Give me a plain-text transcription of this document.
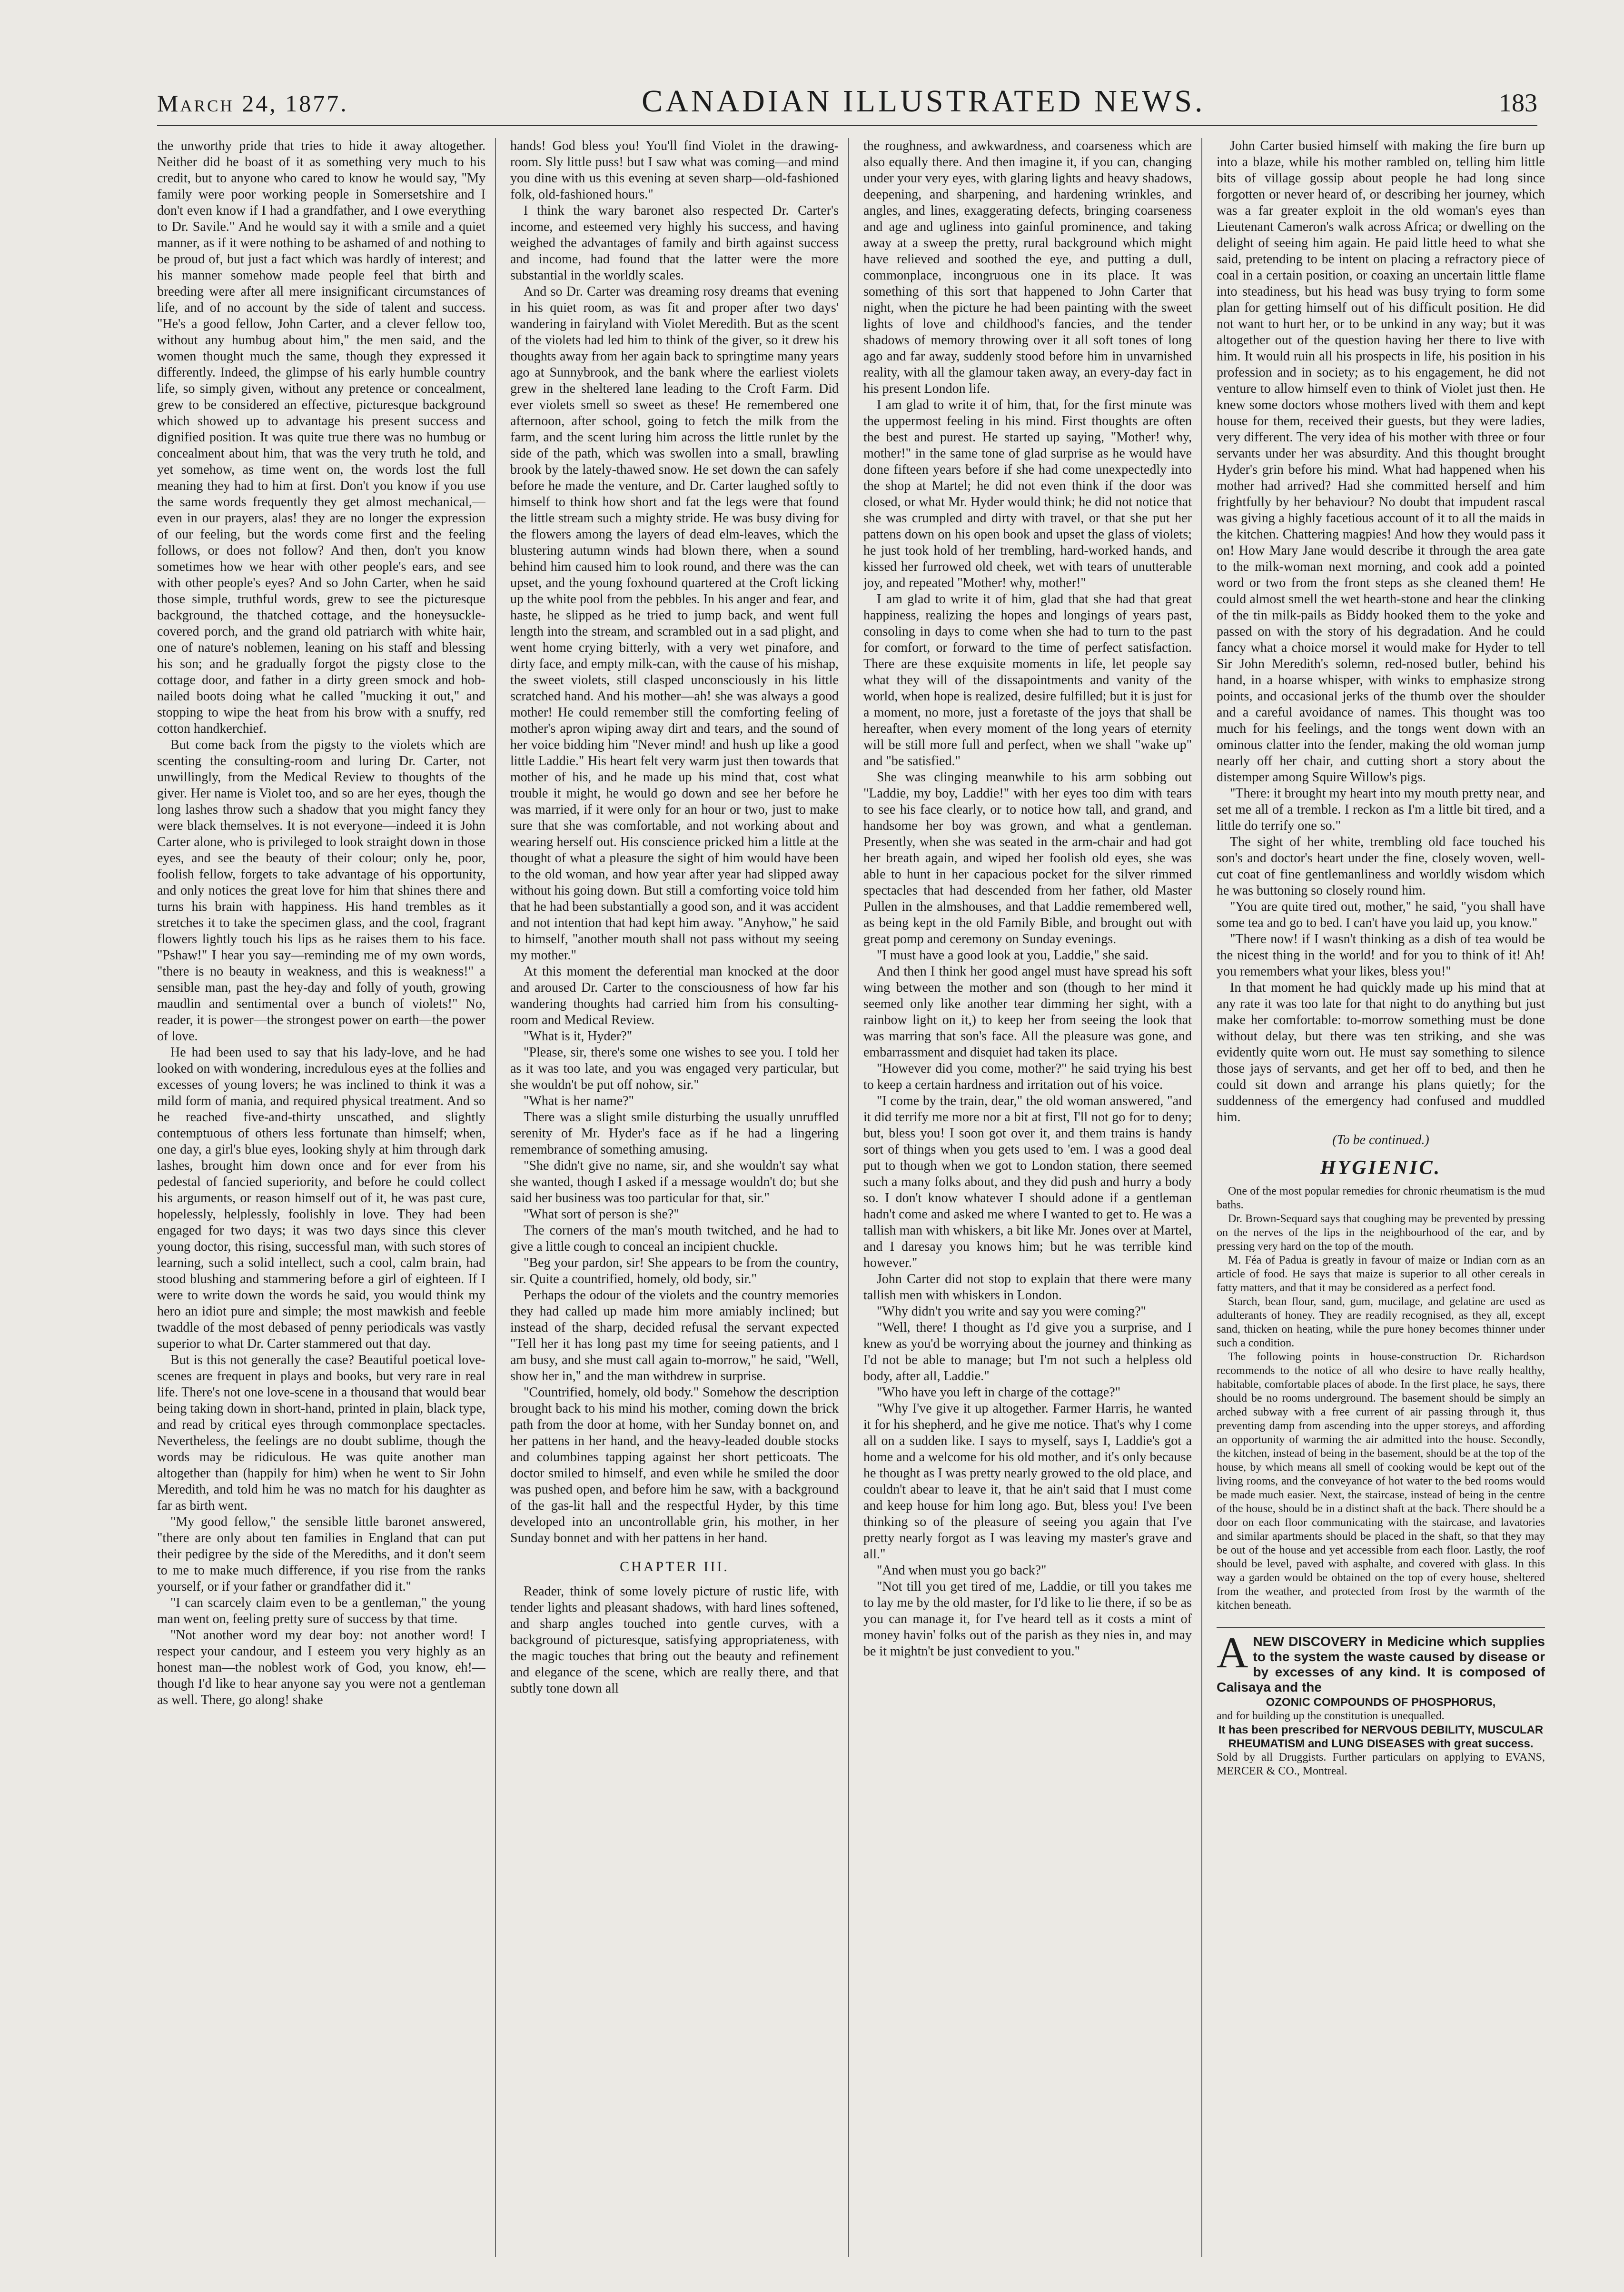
March 24, 1877.	CANADIAN ILLUSTRATED NEWS.	183

the unworthy pride that tries to hide it away altogether. Neither did he boast of it as something very much to his credit, but to anyone who cared to know he would say, "My family were poor working people in Somersetshire and I don't even know if I had a grandfather, and I owe everything to Dr. Savile." And he would say it with a smile and a quiet manner, as if it were nothing to be ashamed of and nothing to be proud of, but just a fact which was hardly of interest; and his manner somehow made people feel that birth and breeding were after all mere insignificant circumstances of life, and of no account by the side of talent and success. "He's a good fellow, John Carter, and a clever fellow too, without any humbug about him," the men said, and the women thought much the same, though they expressed it differently. Indeed, the glimpse of his early humble country life, so simply given, without any pretence or concealment, grew to be considered an effective, picturesque background which showed up to advantage his present success and dignified position. It was quite true there was no humbug or concealment about him, that was the very truth he told, and yet somehow, as time went on, the words lost the full meaning they had to him at first. Don't you know if you use the same words frequently they get almost mechanical,—even in our prayers, alas! they are no longer the expression of our feeling, but the words come first and the feeling follows, or does not follow? And then, don't you know sometimes how we hear with other people's ears, and see with other people's eyes? And so John Carter, when he said those simple, truthful words, grew to see the picturesque background, the thatched cottage, and the honeysuckle-covered porch, and the grand old patriarch with white hair, one of nature's noblemen, leaning on his staff and blessing his son; and he gradually forgot the pigsty close to the cottage door, and father in a dirty green smock and hob-nailed boots doing what he called "mucking it out," and stopping to wipe the heat from his brow with a snuffy, red cotton handkerchief.

But come back from the pigsty to the violets which are scenting the consulting-room and luring Dr. Carter, not unwillingly, from the Medical Review to thoughts of the giver. Her name is Violet too, and so are her eyes, though the long lashes throw such a shadow that you might fancy they were black themselves. It is not everyone—indeed it is John Carter alone, who is privileged to look straight down in those eyes, and see the beauty of their colour; only he, poor, foolish fellow, forgets to take advantage of his opportunity, and only notices the great love for him that shines there and turns his brain with happiness. His hand trembles as it stretches it to take the specimen glass, and the cool, fragrant flowers lightly touch his lips as he raises them to his face. "Pshaw!" I hear you say—reminding me of my own words, "there is no beauty in weakness, and this is weakness!" a sensible man, past the hey-day and folly of youth, growing maudlin and sentimental over a bunch of violets!" No, reader, it is power—the strongest power on earth—the power of love.

He had been used to say that his lady-love, and he had looked on with wondering, incredulous eyes at the follies and excesses of young lovers; he was inclined to think it was a mild form of mania, and required physical treatment. And so he reached five-and-thirty unscathed, and slightly contemptuous of others less fortunate than himself; when, one day, a girl's blue eyes, looking shyly at him through dark lashes, brought him down once and for ever from his pedestal of fancied superiority, and before he could collect his arguments, or reason himself out of it, he was past cure, hopelessly, helplessly, foolishly in love. They had been engaged for two days; it was two days since this clever young doctor, this rising, successful man, with such stores of learning, such a solid intellect, such a cool, calm brain, had stood blushing and stammering before a girl of eighteen. If I were to write down the words he said, you would think my hero an idiot pure and simple; the most mawkish and feeble twaddle of the most debased of penny periodicals was vastly superior to what Dr. Carter stammered out that day.

But is this not generally the case? Beautiful poetical love-scenes are frequent in plays and books, but very rare in real life. There's not one love-scene in a thousand that would bear being taking down in short-hand, printed in plain, black type, and read by critical eyes through commonplace spectacles. Nevertheless, the feelings are no doubt sublime, though the words may be ridiculous. He was quite another man altogether than (happily for him) when he went to Sir John Meredith, and told him he was no match for his daughter as far as birth went.

"My good fellow," the sensible little baronet answered, "there are only about ten families in England that can put their pedigree by the side of the Merediths, and it don't seem to me to make much difference, if you rise from the ranks yourself, or if your father or grandfather did it."

"I can scarcely claim even to be a gentleman," the young man went on, feeling pretty sure of success by that time.

"Not another word my dear boy: not another word! I respect your candour, and I esteem you very highly as an honest man—the noblest work of God, you know, eh!—though I'd like to hear anyone say you were not a gentleman as well. There, go along! shake

hands! God bless you! You'll find Violet in the drawing-room. Sly little puss! but I saw what was coming—and mind you dine with us this evening at seven sharp—old-fashioned folk, old-fashioned hours."

I think the wary baronet also respected Dr. Carter's income, and esteemed very highly his success, and having weighed the advantages of family and birth against success and income, had found that the latter were the more substantial in the worldly scales.

And so Dr. Carter was dreaming rosy dreams that evening in his quiet room, as was fit and proper after two days' wandering in fairyland with Violet Meredith. But as the scent of the violets had led him to think of the giver, so it drew his thoughts away from her again back to springtime many years ago at Sunnybrook, and the bank where the earliest violets grew in the sheltered lane leading to the Croft Farm. Did ever violets smell so sweet as these! He remembered one afternoon, after school, going to fetch the milk from the farm, and the scent luring him across the little runlet by the side of the path, which was swollen into a small, brawling brook by the lately-thawed snow. He set down the can safely before he made the venture, and Dr. Carter laughed softly to himself to think how short and fat the legs were that found the little stream such a mighty stride. He was busy diving for the flowers among the layers of dead elm-leaves, which the blustering autumn winds had blown there, when a sound behind him caused him to look round, and there was the can upset, and the young foxhound quartered at the Croft licking up the white pool from the pebbles. In his anger and fear, and haste, he slipped as he tried to jump back, and went full length into the stream, and scrambled out in a sad plight, and went home crying bitterly, with a very wet pinafore, and dirty face, and empty milk-can, with the cause of his mishap, the sweet violets, still clasped unconsciously in his little scratched hand. And his mother—ah! she was always a good mother! He could remember still the comforting feeling of mother's apron wiping away dirt and tears, and the sound of her voice bidding him "Never mind! and hush up like a good little Laddie." His heart felt very warm just then towards that mother of his, and he made up his mind that, cost what trouble it might, he would go down and see her before he was married, if it were only for an hour or two, just to make sure that she was comfortable, and not working about and wearing herself out. His conscience pricked him a little at the thought of what a pleasure the sight of him would have been to the old woman, and how year after year had slipped away without his going down. But still a comforting voice told him that he had been substantially a good son, and it was accident and not intention that had kept him away. "Anyhow," he said to himself, "another mouth shall not pass without my seeing my mother."

At this moment the deferential man knocked at the door and aroused Dr. Carter to the consciousness of how far his wandering thoughts had carried him from his consulting-room and Medical Review.

"What is it, Hyder?"

"Please, sir, there's some one wishes to see you. I told her as it was too late, and you was engaged very particular, but she wouldn't be put off nohow, sir."

"What is her name?"

There was a slight smile disturbing the usually unruffled serenity of Mr. Hyder's face as if he had a lingering remembrance of something amusing.

"She didn't give no name, sir, and she wouldn't say what she wanted, though I asked if a message wouldn't do; but she said her business was too particular for that, sir."

"What sort of person is she?"

The corners of the man's mouth twitched, and he had to give a little cough to conceal an incipient chuckle.

"Beg your pardon, sir! She appears to be from the country, sir. Quite a countrified, homely, old body, sir."

Perhaps the odour of the violets and the country memories they had called up made him more amiably inclined; but instead of the sharp, decided refusal the servant expected "Tell her it has long past my time for seeing patients, and I am busy, and she must call again to-morrow," he said, "Well, show her in," and the man withdrew in surprise.

"Countrified, homely, old body." Somehow the description brought back to his mind his mother, coming down the brick path from the door at home, with her Sunday bonnet on, and her pattens in her hand, and the heavy-leaded double stocks and columbines tapping against her short petticoats. The doctor smiled to himself, and even while he smiled the door was pushed open, and before him he saw, with a background of the gas-lit hall and the respectful Hyder, by this time developed into an uncontrollable grin, his mother, in her Sunday bonnet and with her pattens in her hand.

CHAPTER III.

Reader, think of some lovely picture of rustic life, with tender lights and pleasant shadows, with hard lines softened, and sharp angles touched into gentle curves, with a background of picturesque, satisfying appropriateness, with the magic touches that bring out the beauty and refinement and elegance of the scene, which are really there, and that subtly tone down all

the roughness, and awkwardness, and coarseness which are also equally there. And then imagine it, if you can, changing under your very eyes, with glaring lights and heavy shadows, deepening, and sharpening, and hardening wrinkles, and angles, and lines, exaggerating defects, bringing coarseness and age and ugliness into gainful prominence, and taking away at a sweep the pretty, rural background which might have relieved and soothed the eye, and putting a dull, commonplace, incongruous one in its place. It was something of this sort that happened to John Carter that night, when the picture he had been painting with the sweet lights of love and childhood's fancies, and the tender shadows of memory throwing over it all soft tones of long ago and far away, suddenly stood before him in unvarnished reality, with all the glamour taken away, an every-day fact in his present London life.

I am glad to write it of him, that, for the first minute was the uppermost feeling in his mind. First thoughts are often the best and purest. He started up saying, "Mother! why, mother!" in the same tone of glad surprise as he would have done fifteen years before if she had come unexpectedly into the shop at Martel; he did not even think if the door was closed, or what Mr. Hyder would think; he did not notice that she was crumpled and dirty with travel, or that she put her pattens down on his open book and upset the glass of violets; he just took hold of her trembling, hard-worked hands, and kissed her furrowed old cheek, wet with tears of unutterable joy, and repeated "Mother! why, mother!"

I am glad to write it of him, glad that she had that great happiness, realizing the hopes and longings of years past, consoling in days to come when she had to turn to the past for comfort, or forward to the time of perfect satisfaction. There are these exquisite moments in life, let people say what they will of the dissapointments and vanity of the world, when hope is realized, desire fulfilled; but it is just for a moment, no more, just a foretaste of the joys that shall be hereafter, when every moment of the long years of eternity will be still more full and perfect, when we shall "wake up" and "be satisfied."

She was clinging meanwhile to his arm sobbing out "Laddie, my boy, Laddie!" with her eyes too dim with tears to see his face clearly, or to notice how tall, and grand, and handsome her boy was grown, and what a gentleman. Presently, when she was seated in the arm-chair and had got her breath again, and wiped her foolish old eyes, she was able to hunt in her capacious pocket for the silver rimmed spectacles that had descended from her father, old Master Pullen in the almshouses, and that Laddie remembered well, as being kept in the old Family Bible, and brought out with great pomp and ceremony on Sunday evenings.

"I must have a good look at you, Laddie," she said.

And then I think her good angel must have spread his soft wing between the mother and son (though to her mind it seemed only like another tear dimming her sight, with a rainbow light on it,) to keep her from seeing the look that was marring that son's face. All the pleasure was gone, and embarrassment and disquiet had taken its place.

"However did you come, mother?" he said trying his best to keep a certain hardness and irritation out of his voice.

"I come by the train, dear," the old woman answered, "and it did terrify me more nor a bit at first, I'll not go for to deny; but, bless you! I soon got over it, and them trains is handy sort of things when you gets used to 'em. I was a good deal put to though when we got to London station, there seemed such a many folks about, and they did push and hurry a body so. I don't know whatever I should adone if a gentleman hadn't come and asked me where I wanted to get to. He was a tallish man with whiskers, a bit like Mr. Jones over at Martel, and I daresay you knows him; but he was terrible kind however."

John Carter did not stop to explain that there were many tallish men with whiskers in London.

"Why didn't you write and say you were coming?"

"Well, there! I thought as I'd give you a surprise, and I knew as you'd be worrying about the journey and thinking as I'd not be able to manage; but I'm not such a helpless old body, after all, Laddie."

"Who have you left in charge of the cottage?"

"Why I've give it up altogether. Farmer Harris, he wanted it for his shepherd, and he give me notice. That's why I come all on a sudden like. I says to myself, says I, Laddie's got a home and a welcome for his old mother, and it's only because he thought as I was pretty nearly growed to the old place, and couldn't abear to leave it, that he ain't said that I must come and keep house for him long ago. But, bless you! I've been thinking so of the pleasure of seeing you again that I've pretty nearly forgot as I was leaving my master's grave and all."

"And when must you go back?"

"Not till you get tired of me, Laddie, or till you takes me to lay me by the old master, for I'd like to lie there, if so be as you can manage it, for I've heard tell as it costs a mint of money havin' folks out of the parish as they nies in, and may be it mightn't be just convedient to you."

John Carter busied himself with making the fire burn up into a blaze, while his mother rambled on, telling him little bits of village gossip about people he had long since forgotten or never heard of, or describing her journey, which was a far greater exploit in the old woman's eyes than Lieutenant Cameron's walk across Africa; or dwelling on the delight of seeing him again. He paid little heed to what she said, pretending to be intent on placing a refractory piece of coal in a certain position, or coaxing an uncertain little flame into steadiness, but his head was busy trying to form some plan for getting himself out of his difficult position. He did not want to hurt her, or to be unkind in any way; but it was altogether out of the question having her there to live with him. It would ruin all his prospects in life, his position in his profession and in society; as to his engagement, he did not venture to allow himself even to think of Violet just then. He knew some doctors whose mothers lived with them and kept house for them, received their guests, but they were ladies, very different. The very idea of his mother with three or four servants under her was absurdity. And this thought brought Hyder's grin before his mind. What had happened when his mother had arrived? Had she committed herself and him frightfully by her behaviour? No doubt that impudent rascal was giving a highly facetious account of it to all the maids in the kitchen. Chattering magpies! And how they would pass it on! How Mary Jane would describe it through the area gate to the milk-woman next morning, and cook add a pointed word or two from the front steps as she cleaned them! He could almost smell the wet hearth-stone and hear the clinking of the tin milk-pails as Biddy hooked them to the yoke and passed on with the story of his degradation. And he could fancy what a choice morsel it would make for Hyder to tell Sir John Meredith's solemn, red-nosed butler, behind his hand, in a hoarse whisper, with winks to emphasize strong points, and occasional jerks of the thumb over the shoulder and a careful avoidance of names. This thought was too much for his feelings, and the tongs went down with an ominous clatter into the fender, making the old woman jump nearly off her chair, and cutting short a story about the distemper among Squire Willow's pigs.

"There: it brought my heart into my mouth pretty near, and set me all of a tremble. I reckon as I'm a little bit tired, and a little do terrify one so."

The sight of her white, trembling old face touched his son's and doctor's heart under the fine, closely woven, well-cut coat of fine gentlemanliness and worldly wisdom which he was buttoning so closely round him.

"You are quite tired out, mother," he said, "you shall have some tea and go to bed. I can't have you laid up, you know."

"There now! if I wasn't thinking as a dish of tea would be the nicest thing in the world! and for you to think of it! Ah! you remembers what your likes, bless you!"

In that moment he had quickly made up his mind that at any rate it was too late for that night to do anything but just make her comfortable: to-morrow something must be done without delay, but there was ten striking, and she was evidently quite worn out. He must say something to silence those jays of servants, and get her off to bed, and then he could sit down and arrange his plans quietly; for the suddenness of the emergency had confused and muddled him.

(To be continued.)
HYGIENIC.

One of the most popular remedies for chronic rheumatism is the mud baths.

Dr. Brown-Sequard says that coughing may be prevented by pressing on the nerves of the lips in the neighbourhood of the ear, and by pressing very hard on the top of the mouth.

M. Féa of Padua is greatly in favour of maize or Indian corn as an article of food. He says that maize is superior to all other cereals in fatty matters, and that it may be considered as a perfect food.

Starch, bean flour, sand, gum, mucilage, and gelatine are used as adulterants of honey. They are readily recognised, as they all, except sand, thicken on heating, while the pure honey becomes thinner under such a condition.

The following points in house-construction Dr. Richardson recommends to the notice of all who desire to have really healthy, habitable, comfortable places of abode. In the first place, he says, there should be no rooms underground. The basement should be simply an arched subway with a free current of air passing through it, thus preventing damp from ascending into the upper storeys, and affording an opportunity of warming the air admitted into the house. Secondly, the kitchen, instead of being in the basement, should be at the top of the house, by which means all smell of cooking would be kept out of the living rooms, and the conveyance of hot water to the bed rooms would be made much easier. Next, the staircase, instead of being in the centre of the house, should be in a distinct shaft at the back. There should be a door on each floor communicating with the staircase, and lavatories and similar apartments should be placed in the shaft, so that they may be out of the house and yet accessible from each floor. Lastly, the roof should be level, paved with asphalte, and covered with glass. In this way a garden would be obtained on the top of every house, sheltered from the weather, and protected from frost by the warmth of the kitchen beneath.

A NEW DISCOVERY in Medicine which supplies to the system the waste caused by disease or by excesses of any kind. It is composed of Calisaya and the
OZONIC COMPOUNDS OF PHOSPHORUS,
and for building up the constitution is unequalled.
It has been prescribed for NERVOUS DEBILITY, MUSCULAR RHEUMATISM and LUNG DISEASES with great success.
Sold by all Druggists. Further particulars on applying to EVANS, MERCER & CO., Montreal.
